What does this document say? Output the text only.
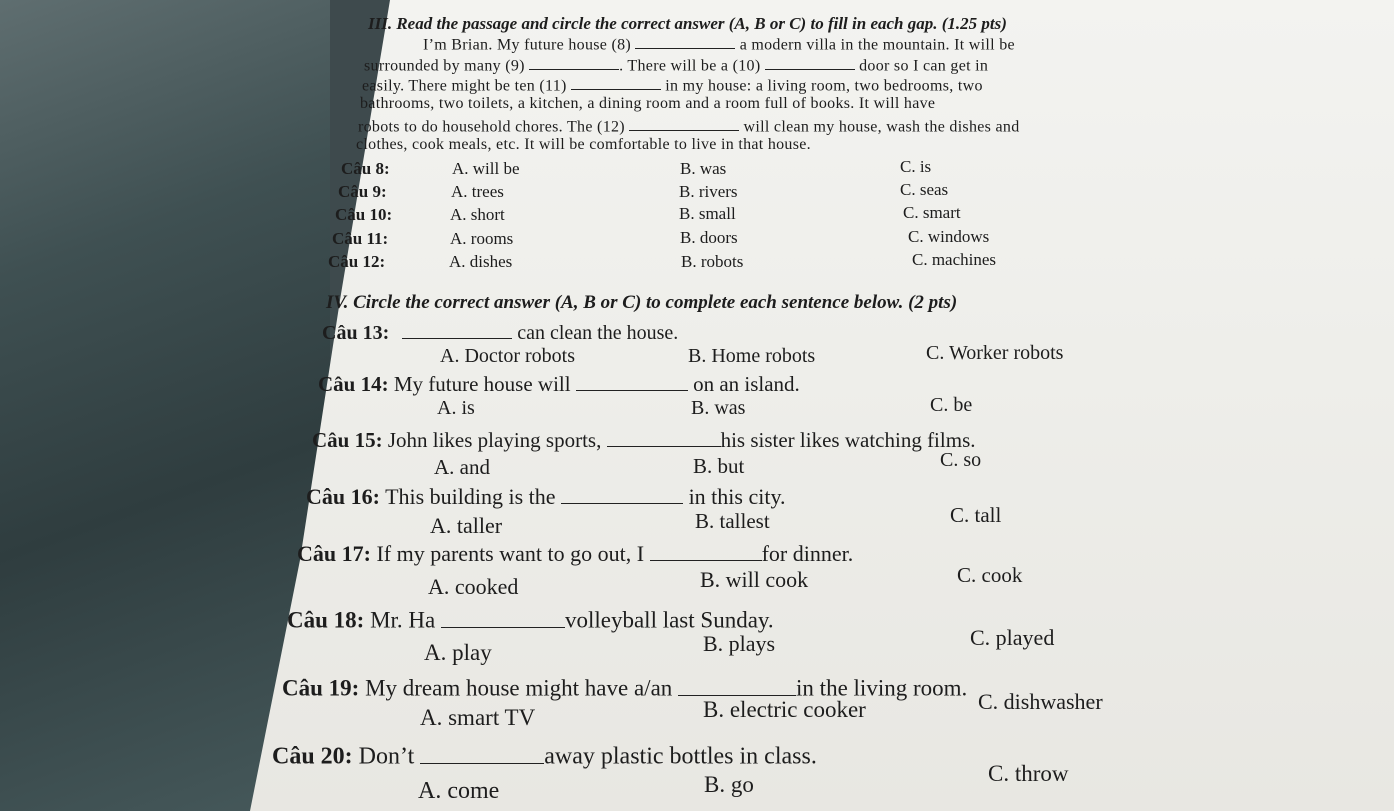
III. Read the passage and circle the correct answer (A, B or C) to fill in each gap. (1.25 pts)
I’m Brian. My future house (8)	a modern villa in the mountain. It will be
surrounded by many (9)	. There will be a (10)	door so I can get in
easily. There might be ten (11)	in my house: a living room, two bedrooms, two
bathrooms, two toilets, a kitchen, a dining room and a room full of books. It will have
robots to do household chores. The (12)	will clean my house, wash the dishes and
clothes, cook meals, etc. It will be comfortable to live in that house.
Câu 8:	A. will be	B. was	C. is
Câu 9:	A. trees	B. rivers	C. seas
Câu 10:	A. short	B. small	C. smart
Câu 11:	A. rooms	B. doors	C. windows
Câu 12:	A. dishes	B. robots	C. machines
IV. Circle the correct answer (A, B or C) to complete each sentence below. (2 pts)
Câu 13:	can clean the house.
A. Doctor robots	B. Home robots	C. Worker robots
Câu 14: My future house will	on an island.
A. is	B. was	C. be
Câu 15: John likes playing sports,	his sister likes watching films.
A. and	B. but	C. so
Câu 16: This building is the	in this city.
A. taller	B. tallest	C. tall
Câu 17: If my parents want to go out, I	for dinner.
A. cooked	B. will cook	C. cook
Câu 18: Mr. Ha	volleyball last Sunday.
A. play	B. plays	C. played
Câu 19: My dream house might have a/an	in the living room.
A. smart TV	B. electric cooker	C. dishwasher
Câu 20: Don’t	away plastic bottles in class.
A. come	B. go	C. throw
